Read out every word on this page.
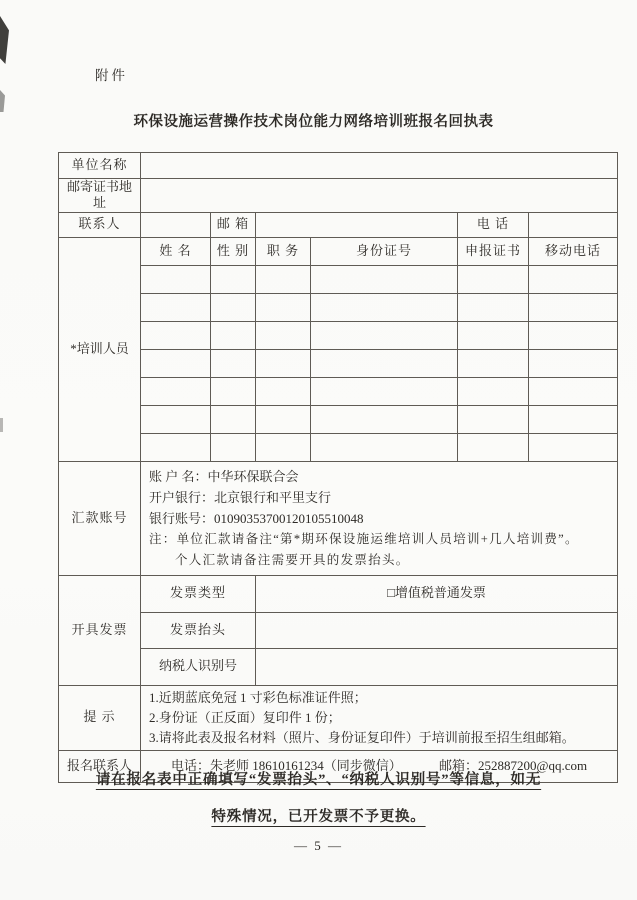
附件
环保设施运营操作技术岗位能力网络培训班报名回执表
单位名称						
邮寄证书地址						
联系人		邮 箱			电 话	
*培训人员	姓 名	性 别	职 务	身份证号	申报证书	移动电话

汇款账号	账 户 名：中华环保联合会
开户银行：北京银行和平里支行
银行账号：01090353700120105510048
注：单位汇款请备注“第*期环保设施运维培训人员培训+几人培训费”。
个人汇款请备注需要开具的发票抬头。					

开具发票	发票类型		□增值税普通发票			
	发票抬头					
	纳税人识别号					
提 示	1.近期蓝底免冠 1 寸彩色标准证件照；
2.身份证（正反面）复印件 1 份；
3.请将此表及报名材料（照片、身份证复印件）于培训前报至招生组邮箱。					

报名联系人	电话：朱老师 18610161234（同步微信） 邮箱：252887200@qq.com					
请在报名表中正确填写“发票抬头”、“纳税人识别号”等信息，如无
特殊情况，已开发票不予更换。
— 5 —
